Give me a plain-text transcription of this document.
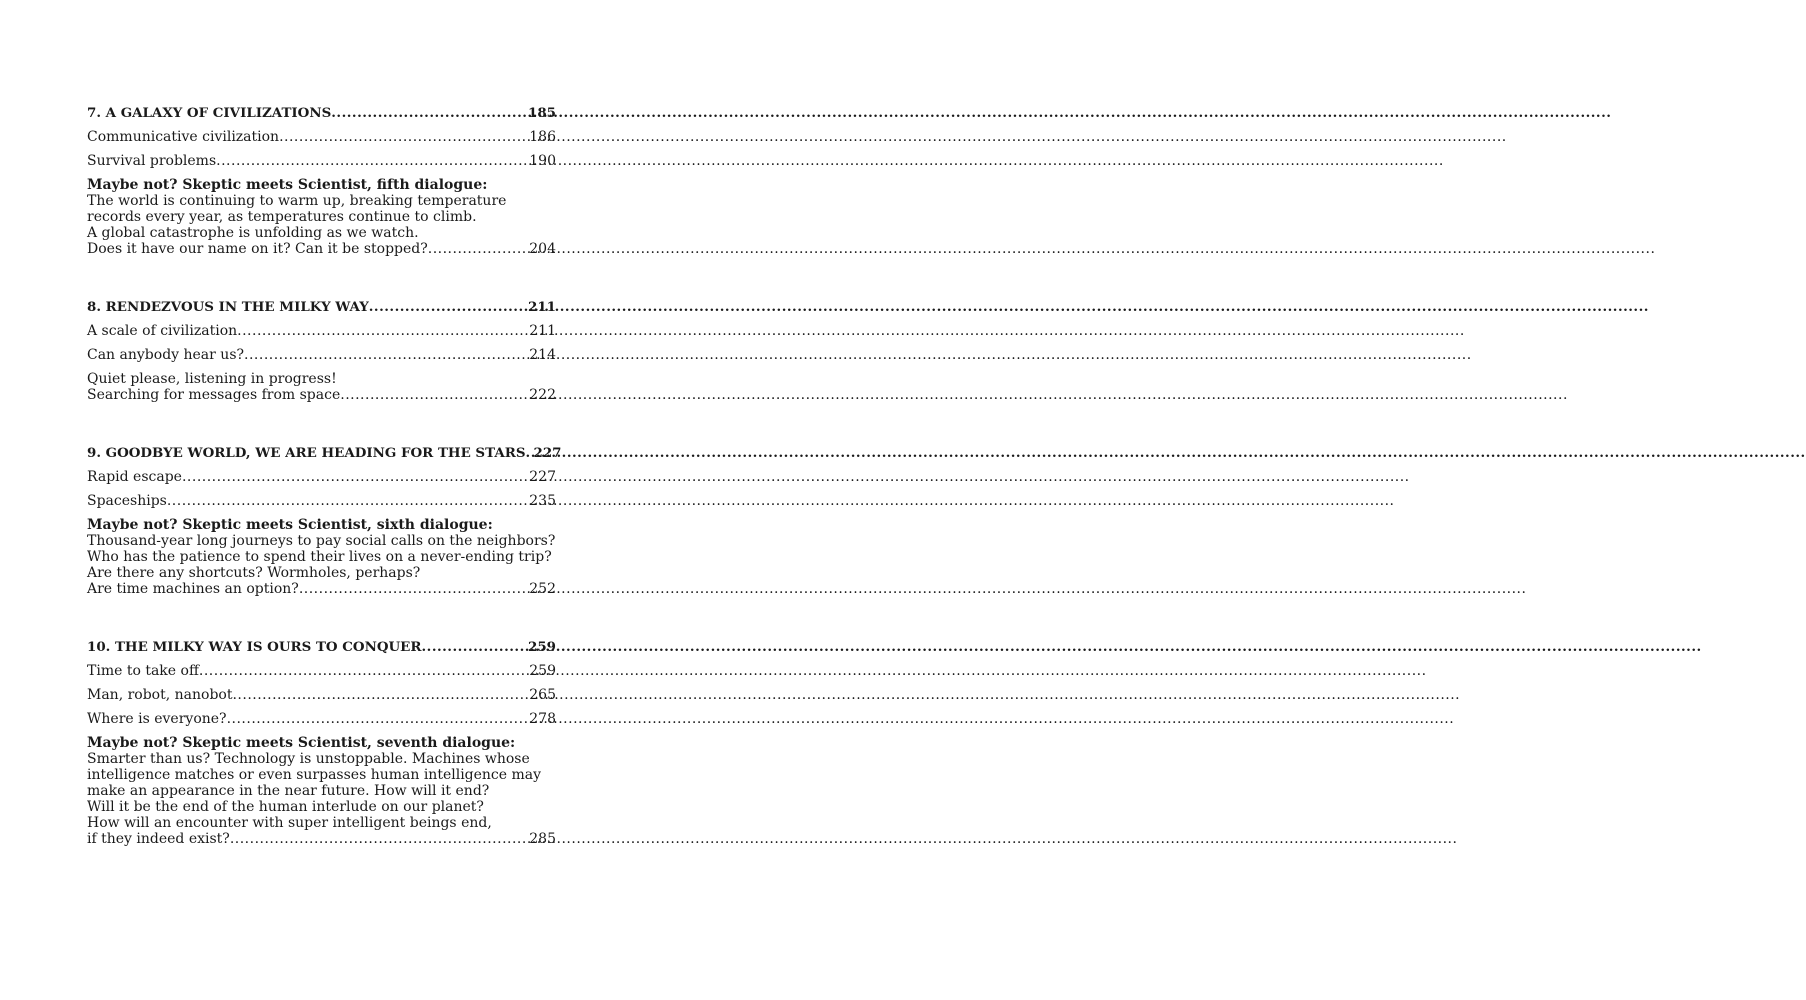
7. A GALAXY OF CIVILIZATIONS .....	185
Communicative civilization .....	186
Survival problems .....	190
Maybe not? Skeptic meets Scientist, fifth dialogue:
The world is continuing to warm up, breaking temperature
records every year, as temperatures continue to climb.
A global catastrophe is unfolding as we watch.
Does it have our name on it? Can it be stopped? .....	204
8. RENDEZVOUS IN THE MILKY WAY .....	211
A scale of civilization .....	211
Can anybody hear us? .....	214
Quiet please, listening in progress!
Searching for messages from space .....	222
9. GOODBYE WORLD, WE ARE HEADING FOR THE STARS ..... 227
Rapid escape .....	227
Spaceships .....	235
Maybe not? Skeptic meets Scientist, sixth dialogue:
Thousand-year long journeys to pay social calls on the neighbors?
Who has the patience to spend their lives on a never-ending trip?
Are there any shortcuts? Wormholes, perhaps?
Are time machines an option? .....	252
10. THE MILKY WAY IS OURS TO CONQUER .....	259
Time to take off .....	259
Man, robot, nanobot .....	265
Where is everyone? .....	278
Maybe not? Skeptic meets Scientist, seventh dialogue:
Smarter than us? Technology is unstoppable. Machines whose
intelligence matches or even surpasses human intelligence may
make an appearance in the near future. How will it end?
Will it be the end of the human interlude on our planet?
How will an encounter with super intelligent beings end,
if they indeed exist? .....	285
